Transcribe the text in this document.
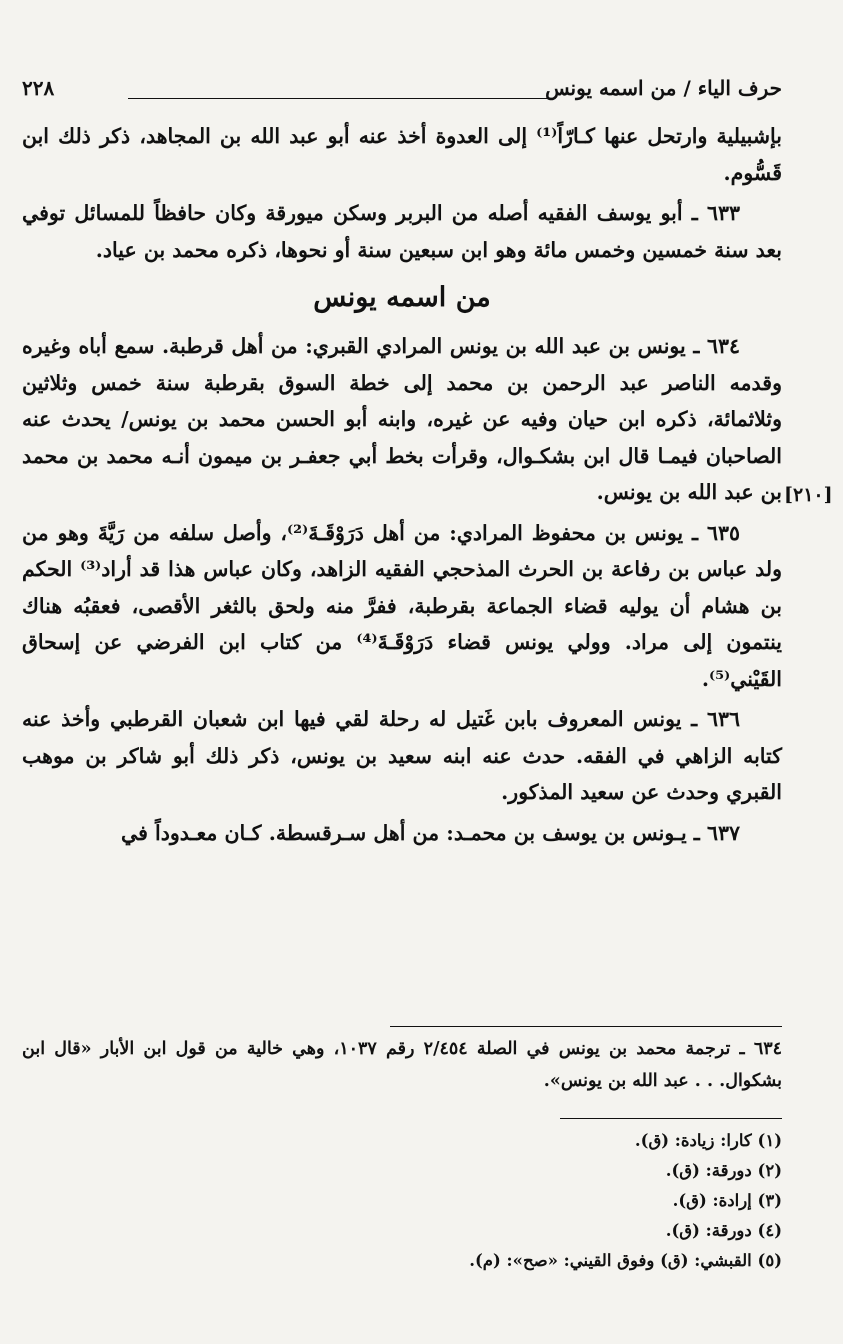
حرف الياء / من اسمه يونس
٢٢٨

بإشبيلية وارتحل عنها كـارّاً⁽¹⁾ إلى العدوة أخذ عنه أبو عبد الله بن المجاهد، ذكر ذلك ابن قَسُّوم.

٦٣٣ ـ أبو يوسف الفقيه أصله من البربر وسكن ميورقة وكان حافظاً للمسائل توفي بعد سنة خمسين وخمس مائة وهو ابن سبعين سنة أو نحوها، ذكره محمد بن عياد.

من اسمه يونس

٦٣٤ ـ يونس بن عبد الله بن يونس المرادي القبري: من أهل قرطبة. سمع أباه وغيره وقدمه الناصر عبد الرحمن بن محمد إلى خطة السوق بقرطبة سنة خمس وثلاثين وثلاثمائة، ذكره ابن حيان وفيه عن غيره، وابنه أبو الحسن محمد بن يونس/ يحدث عنه الصاحبان فيمـا قال ابن بشكـوال، وقرأت بخط أبي جعفـر بن ميمون أنـه محمد بن محمد بن عبد الله بن يونس.

٦٣٥ ـ يونس بن محفوظ المرادي: من أهل دَرَوْقَـةَ⁽²⁾، وأصل سلفه من رَيَّةَ وهو من ولد عباس بن رفاعة بن الحرث المذحجي الفقيه الزاهد، وكان عباس هذا قد أراد⁽³⁾ الحكم بن هشام أن يوليه قضاء الجماعة بقرطبة، ففرَّ منه ولحق بالثغر الأقصى، فعقبُه هناك ينتمون إلى مراد. وولي يونس قضاء دَرَوْقَـةَ⁽⁴⁾ من كتاب ابن الفرضي عن إسحاق القَيْني⁽⁵⁾.

٦٣٦ ـ يونس المعروف بابن غَتيل له رحلة لقي فيها ابن شعبان القرطبي وأخذ عنه كتابه الزاهي في الفقه. حدث عنه ابنه سعيد بن يونس، ذكر ذلك أبو شاكر بن موهب القبري وحدث عن سعيد المذكور.

٦٣٧ ـ يـونس بن يوسف بن محمـد: من أهل سـرقسطة. كـان معـدوداً في

[٢١٠]

٦٣٤ ـ ترجمة محمد بن يونس في الصلة ٢/٤٥٤ رقم ١٠٣٧، وهي خالية من قول ابن الأبار «قال ابن بشكوال. . . عبد الله بن يونس».

(١) كارا: زيادة: (ق).
(٢) دورقة: (ق).
(٣) إرادة: (ق).
(٤) دورقة: (ق).
(٥) القبشي: (ق) وفوق القيني: «صح»: (م).
